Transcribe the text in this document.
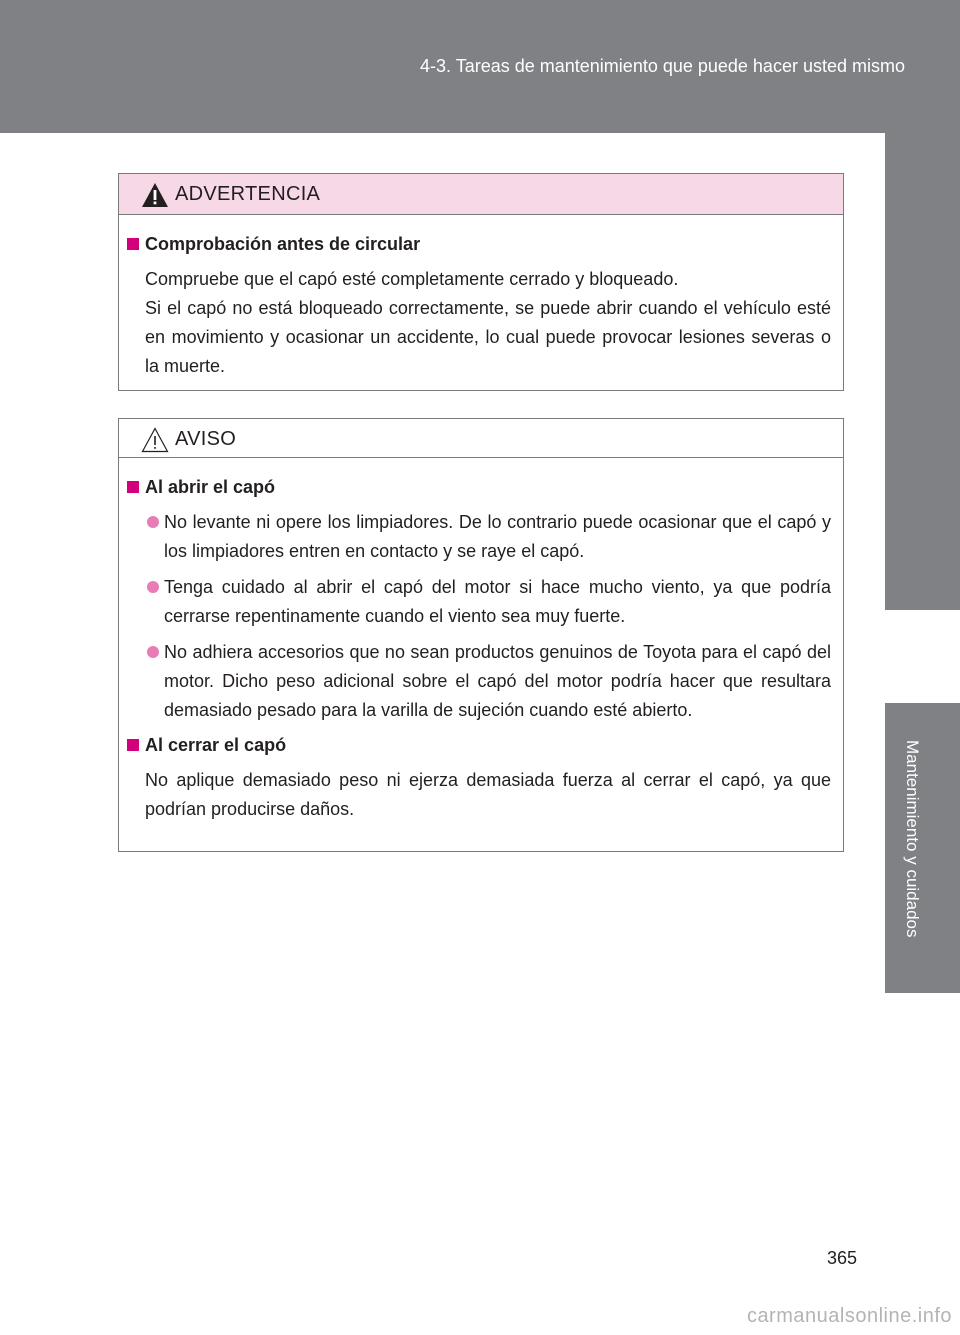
4-3. Tareas de mantenimiento que puede hacer usted mismo
4
Mantenimiento y cuidados
ADVERTENCIA
Comprobación antes de circular
Compruebe que el capó esté completamente cerrado y bloqueado.
Si el capó no está bloqueado correctamente, se puede abrir cuando el vehículo esté en movimiento y ocasionar un accidente, lo cual puede provocar lesiones severas o la muerte.
AVISO
Al abrir el capó
No levante ni opere los limpiadores. De lo contrario puede ocasionar que el capó y los limpiadores entren en contacto y se raye el capó.
Tenga cuidado al abrir el capó del motor si hace mucho viento, ya que podría cerrarse repentinamente cuando el viento sea muy fuerte.
No adhiera accesorios que no sean productos genuinos de Toyota para el capó del motor. Dicho peso adicional sobre el capó del motor podría hacer que resultara demasiado pesado para la varilla de sujeción cuando esté abierto.
Al cerrar el capó
No aplique demasiado peso ni ejerza demasiada fuerza al cerrar el capó, ya que podrían producirse daños.
365
carmanualsonline.info
